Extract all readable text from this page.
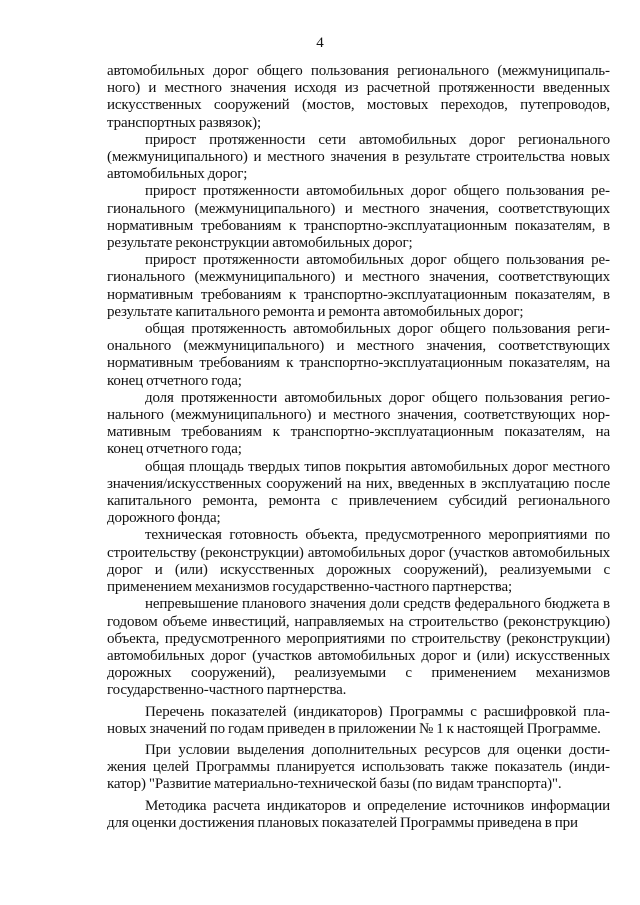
4

автомобильных дорог общего пользования регионального (межмуниципального) и местного значения исходя из расчетной протяженности введенных искусственных сооружений (мостов, мостовых переходов, путепроводов, транспортных развязок);

прирост протяженности сети автомобильных дорог регионального (межмуниципального) и местного значения в результате строительства новых автомобильных дорог;

прирост протяженности автомобильных дорог общего пользования регионального (межмуниципального) и местного значения, соответствующих нормативным требованиям к транспортно-эксплуатационным показателям, в результате реконструкции автомобильных дорог;

прирост протяженности автомобильных дорог общего пользования регионального (межмуниципального) и местного значения, соответствующих нормативным требованиям к транспортно-эксплуатационным показателям, в результате капитального ремонта и ремонта автомобильных дорог;

общая протяженность автомобильных дорог общего пользования регионального (межмуниципального) и местного значения, соответствующих нормативным требованиям к транспортно-эксплуатационным показателям, на конец отчетного года;

доля протяженности автомобильных дорог общего пользования регионального (межмуниципального) и местного значения, соответствующих нормативным требованиям к транспортно-эксплуатационным показателям, на конец отчетного года;

общая площадь твердых типов покрытия автомобильных дорог местного значения/искусственных сооружений на них, введенных в эксплуатацию после капитального ремонта, ремонта с привлечением субсидий регионального дорожного фонда;

техническая готовность объекта, предусмотренного мероприятиями по строительству (реконструкции) автомобильных дорог (участков автомобильных дорог и (или) искусственных дорожных сооружений), реализуемыми с применением механизмов государственно-частного партнерства;

непревышение планового значения доли средств федерального бюджета в годовом объеме инвестиций, направляемых на строительство (реконструкцию) объекта, предусмотренного мероприятиями по строительству (реконструкции) автомобильных дорог (участков автомобильных дорог и (или) искусственных дорожных сооружений), реализуемыми с применением механизмов государственно-частного партнерства.

Перечень показателей (индикаторов) Программы с расшифровкой плановых значений по годам приведен в приложении № 1 к настоящей Программе.

При условии выделения дополнительных ресурсов для оценки достижения целей Программы планируется использовать также показатель (индикатор) "Развитие материально-технической базы (по видам транспорта)".

Методика расчета индикаторов и определение источников информации для оценки достижения плановых показателей Программы приведена в при
